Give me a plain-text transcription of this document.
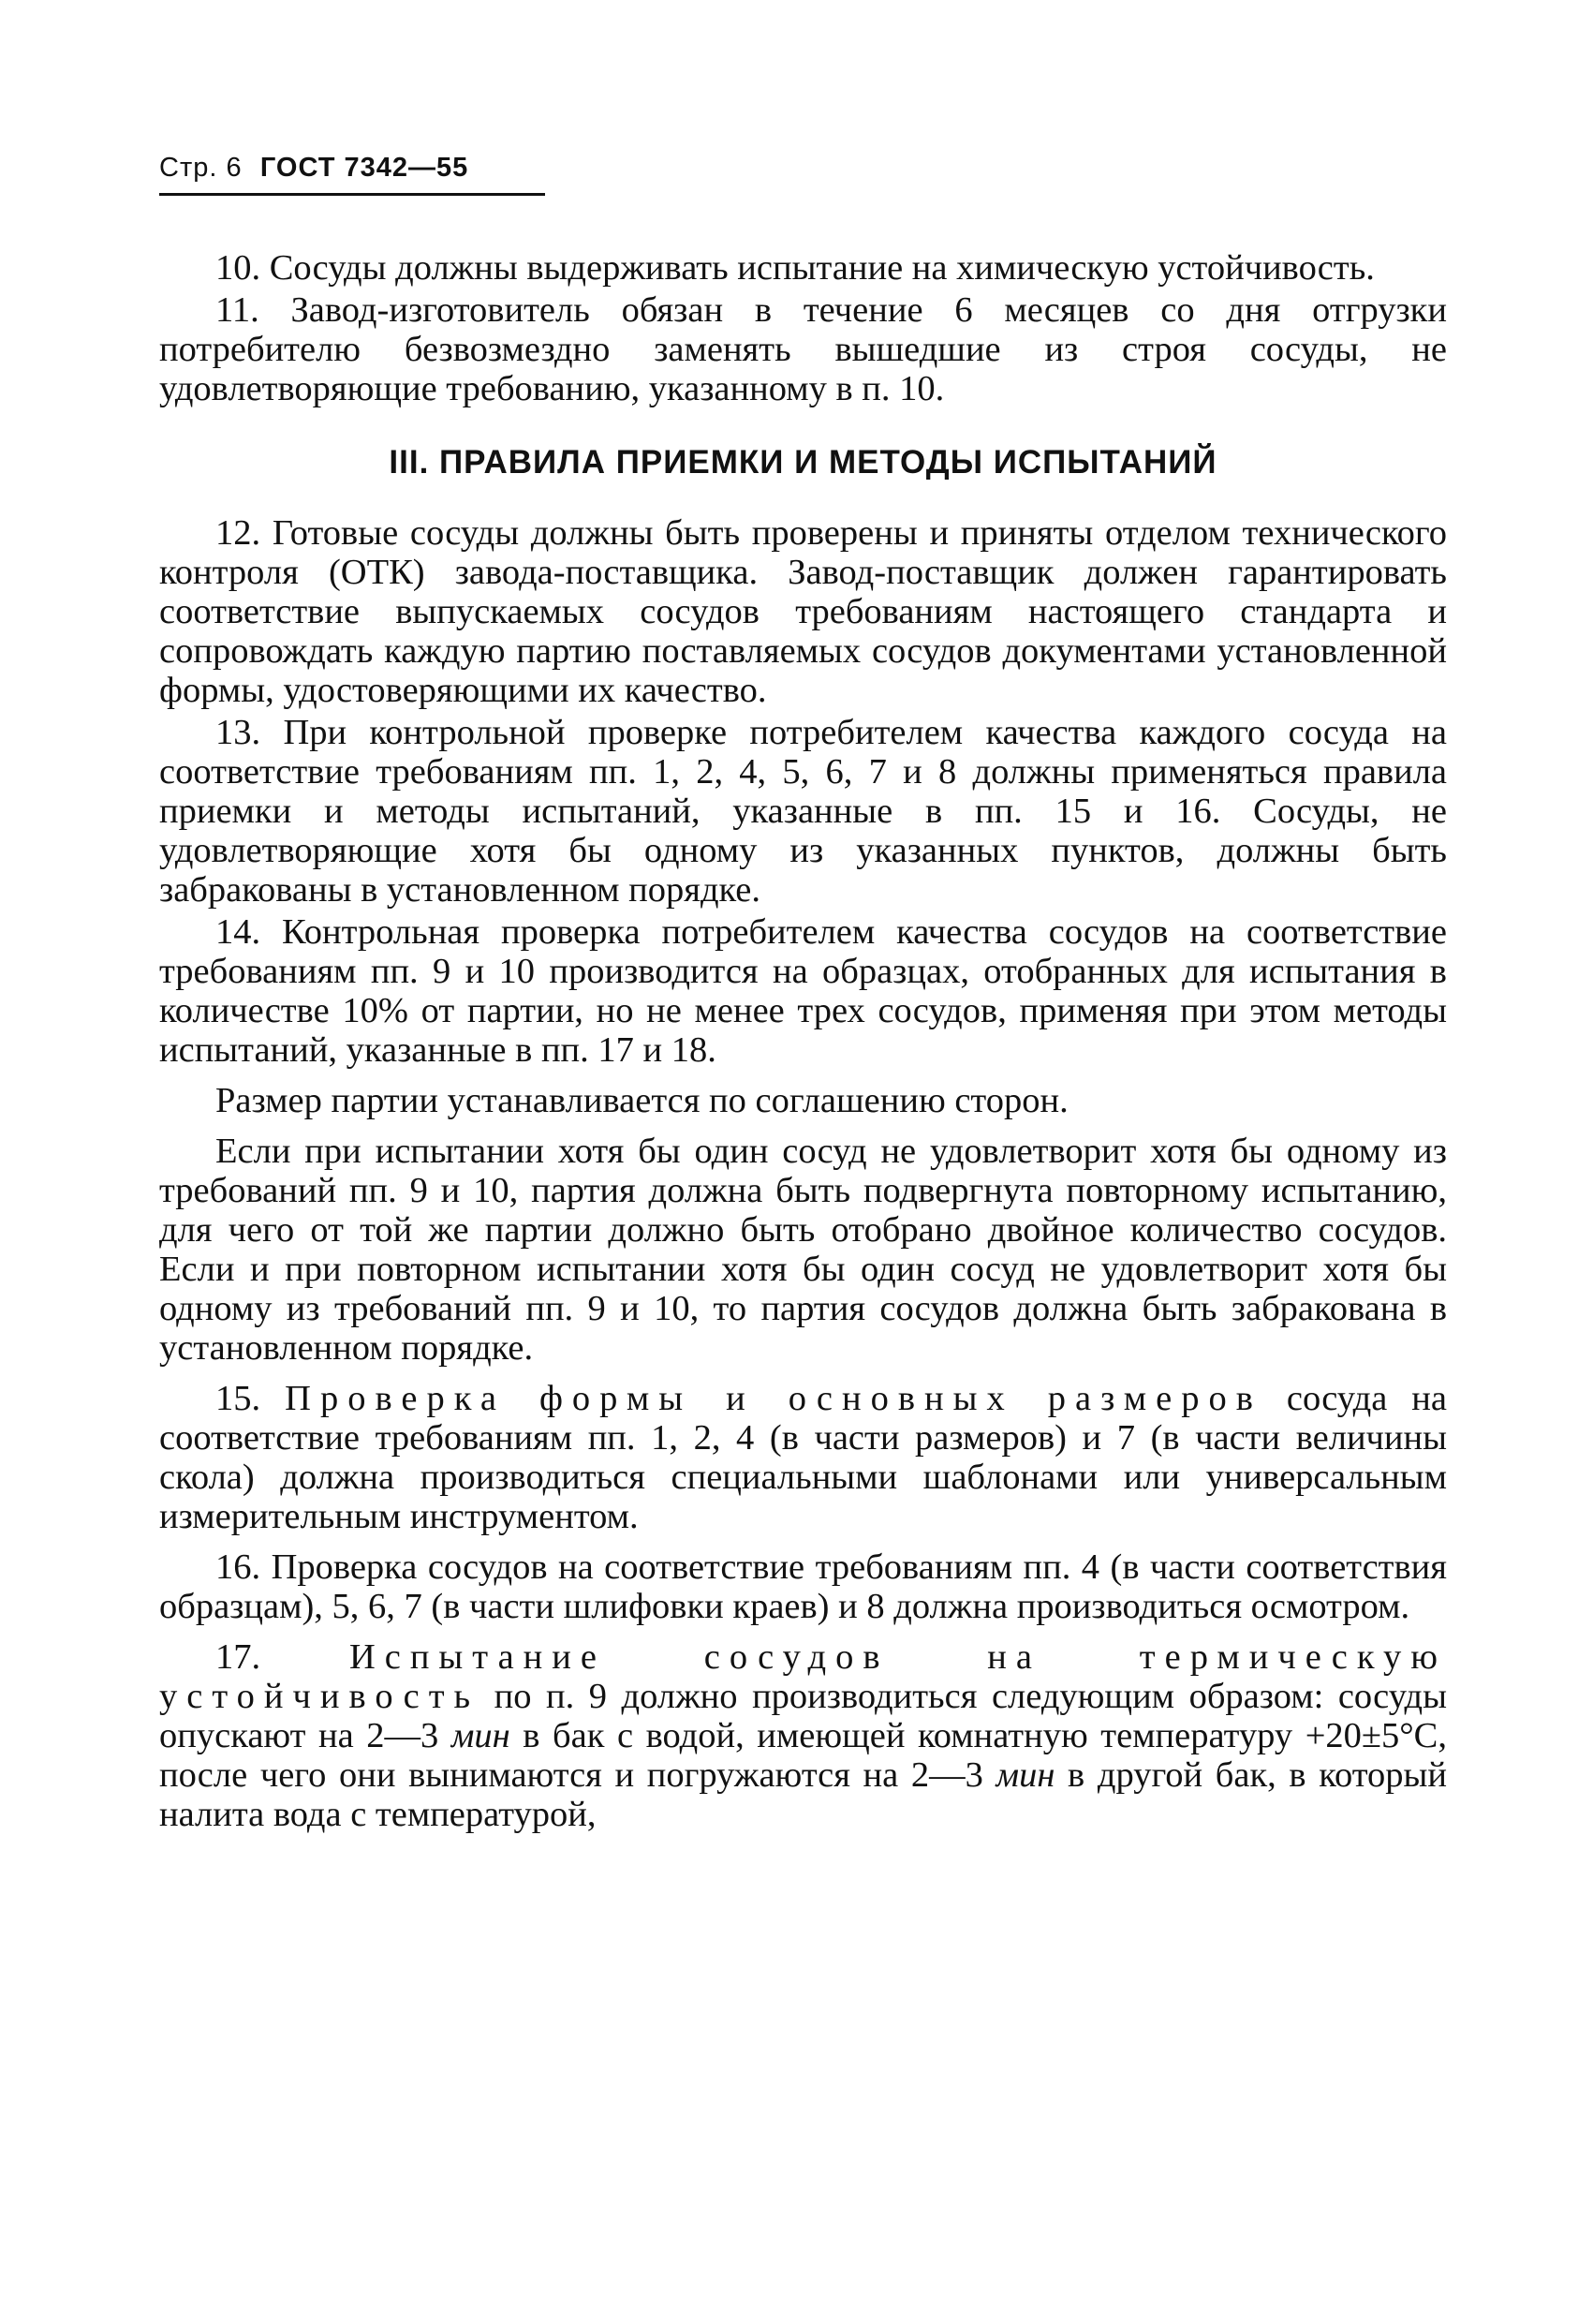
Стр. 6 ГОСТ 7342—55

10. Сосуды должны выдерживать испытание на химическую устойчивость.

11. Завод-изготовитель обязан в течение 6 месяцев со дня отгрузки потребителю безвозмездно заменять вышедшие из строя сосуды, не удовлетворяющие требованию, указанному в п. 10.

III. ПРАВИЛА ПРИЕМКИ И МЕТОДЫ ИСПЫТАНИЙ

12. Готовые сосуды должны быть проверены и приняты отделом технического контроля (ОТК) завода-поставщика. Завод-поставщик должен гарантировать соответствие выпускаемых сосудов требованиям настоящего стандарта и сопровождать каждую партию поставляемых сосудов документами установленной формы, удостоверяющими их качество.

13. При контрольной проверке потребителем качества каждого сосуда на соответствие требованиям пп. 1, 2, 4, 5, 6, 7 и 8 должны применяться правила приемки и методы испытаний, указанные в пп. 15 и 16. Сосуды, не удовлетворяющие хотя бы одному из указанных пунктов, должны быть забракованы в установленном порядке.

14. Контрольная проверка потребителем качества сосудов на соответствие требованиям пп. 9 и 10 производится на образцах, отобранных для испытания в количестве 10% от партии, но не менее трех сосудов, применяя при этом методы испытаний, указанные в пп. 17 и 18.

Размер партии устанавливается по соглашению сторон.

Если при испытании хотя бы один сосуд не удовлетворит хотя бы одному из требований пп. 9 и 10, партия должна быть подвергнута повторному испытанию, для чего от той же партии должно быть отобрано двойное количество сосудов. Если и при повторном испытании хотя бы один сосуд не удовлетворит хотя бы одному из требований пп. 9 и 10, то партия сосудов должна быть забракована в установленном порядке.

15. Проверка формы и основных размеров сосуда на соответствие требованиям пп. 1, 2, 4 (в части размеров) и 7 (в части величины скола) должна производиться специальными шаблонами или универсальным измерительным инструментом.

16. Проверка сосудов на соответствие требованиям пп. 4 (в части соответствия образцам), 5, 6, 7 (в части шлифовки краев) и 8 должна производиться осмотром.

17. Испытание сосудов на термическую устойчивость по п. 9 должно производиться следующим образом: сосуды опускают на 2—3 мин в бак с водой, имеющей комнатную температуру +20±5°С, после чего они вынимаются и погружаются на 2—3 мин в другой бак, в который налита вода с температурой,
